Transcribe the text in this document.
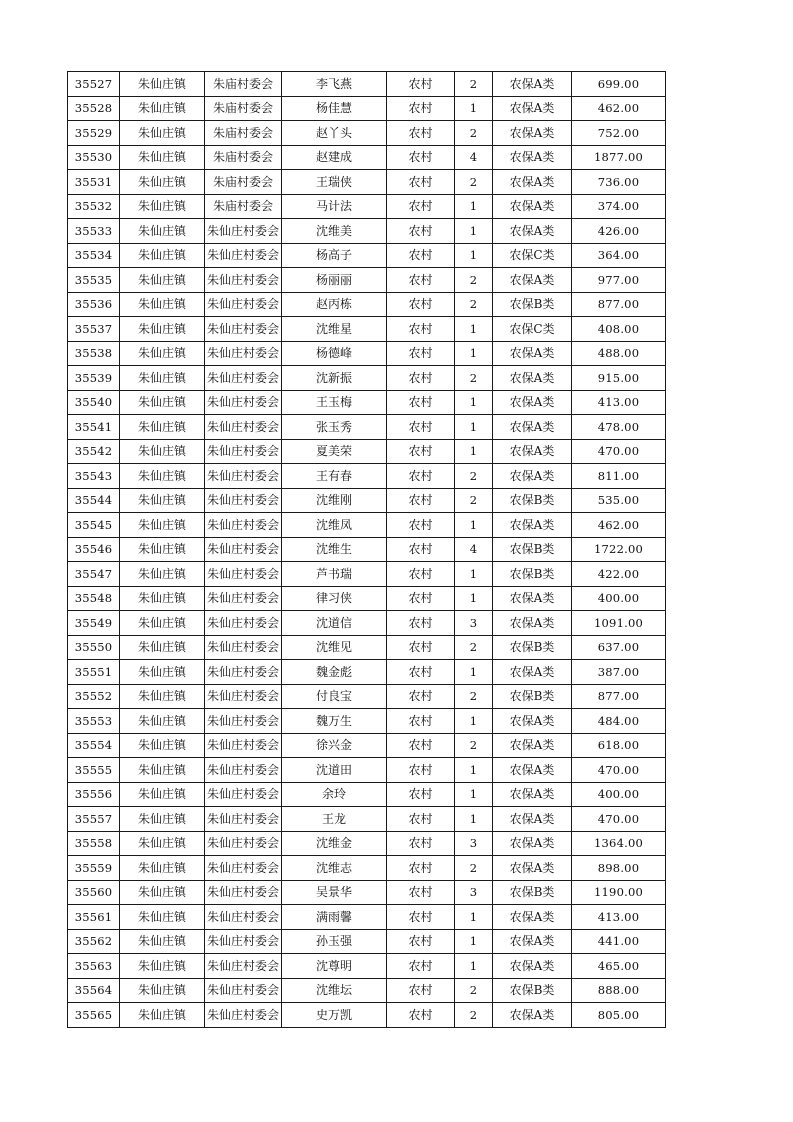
35527	朱仙庄镇	朱庙村委会	李飞燕	农村	2	农保A类	699.00
35528	朱仙庄镇	朱庙村委会	杨佳慧	农村	1	农保A类	462.00
35529	朱仙庄镇	朱庙村委会	赵丫头	农村	2	农保A类	752.00
35530	朱仙庄镇	朱庙村委会	赵建成	农村	4	农保A类	1877.00
35531	朱仙庄镇	朱庙村委会	王瑞侠	农村	2	农保A类	736.00
35532	朱仙庄镇	朱庙村委会	马计法	农村	1	农保A类	374.00
35533	朱仙庄镇	朱仙庄村委会	沈维美	农村	1	农保A类	426.00
35534	朱仙庄镇	朱仙庄村委会	杨高子	农村	1	农保C类	364.00
35535	朱仙庄镇	朱仙庄村委会	杨丽丽	农村	2	农保A类	977.00
35536	朱仙庄镇	朱仙庄村委会	赵丙栋	农村	2	农保B类	877.00
35537	朱仙庄镇	朱仙庄村委会	沈维星	农村	1	农保C类	408.00
35538	朱仙庄镇	朱仙庄村委会	杨德峰	农村	1	农保A类	488.00
35539	朱仙庄镇	朱仙庄村委会	沈新振	农村	2	农保A类	915.00
35540	朱仙庄镇	朱仙庄村委会	王玉梅	农村	1	农保A类	413.00
35541	朱仙庄镇	朱仙庄村委会	张玉秀	农村	1	农保A类	478.00
35542	朱仙庄镇	朱仙庄村委会	夏美荣	农村	1	农保A类	470.00
35543	朱仙庄镇	朱仙庄村委会	王有春	农村	2	农保A类	811.00
35544	朱仙庄镇	朱仙庄村委会	沈维刚	农村	2	农保B类	535.00
35545	朱仙庄镇	朱仙庄村委会	沈维凤	农村	1	农保A类	462.00
35546	朱仙庄镇	朱仙庄村委会	沈维生	农村	4	农保B类	1722.00
35547	朱仙庄镇	朱仙庄村委会	芦书瑞	农村	1	农保B类	422.00
35548	朱仙庄镇	朱仙庄村委会	律习侠	农村	1	农保A类	400.00
35549	朱仙庄镇	朱仙庄村委会	沈道信	农村	3	农保A类	1091.00
35550	朱仙庄镇	朱仙庄村委会	沈维见	农村	2	农保B类	637.00
35551	朱仙庄镇	朱仙庄村委会	魏金彪	农村	1	农保A类	387.00
35552	朱仙庄镇	朱仙庄村委会	付良宝	农村	2	农保B类	877.00
35553	朱仙庄镇	朱仙庄村委会	魏万生	农村	1	农保A类	484.00
35554	朱仙庄镇	朱仙庄村委会	徐兴金	农村	2	农保A类	618.00
35555	朱仙庄镇	朱仙庄村委会	沈道田	农村	1	农保A类	470.00
35556	朱仙庄镇	朱仙庄村委会	余玲	农村	1	农保A类	400.00
35557	朱仙庄镇	朱仙庄村委会	王龙	农村	1	农保A类	470.00
35558	朱仙庄镇	朱仙庄村委会	沈维金	农村	3	农保A类	1364.00
35559	朱仙庄镇	朱仙庄村委会	沈维志	农村	2	农保A类	898.00
35560	朱仙庄镇	朱仙庄村委会	吴景华	农村	3	农保B类	1190.00
35561	朱仙庄镇	朱仙庄村委会	满雨馨	农村	1	农保A类	413.00
35562	朱仙庄镇	朱仙庄村委会	孙玉强	农村	1	农保A类	441.00
35563	朱仙庄镇	朱仙庄村委会	沈尊明	农村	1	农保A类	465.00
35564	朱仙庄镇	朱仙庄村委会	沈维坛	农村	2	农保B类	888.00
35565	朱仙庄镇	朱仙庄村委会	史万凯	农村	2	农保A类	805.00
